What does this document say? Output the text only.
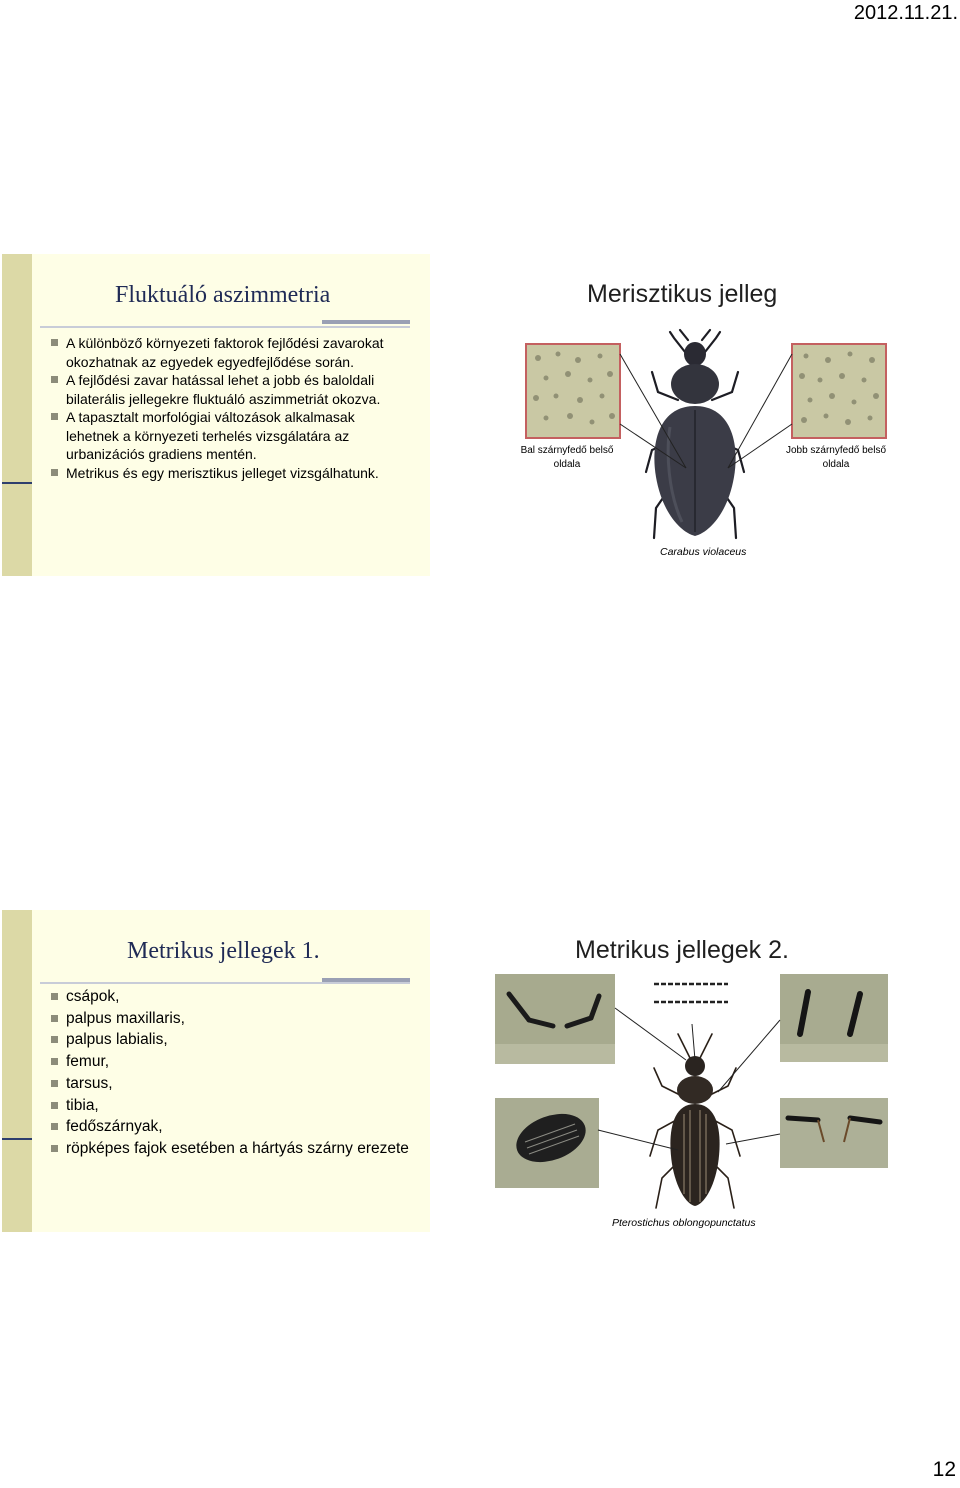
2012.11.21.
Fluktuáló aszimmetria
A különböző környezeti faktorok fejlődési zavarokat okozhatnak az egyedek egyedfejlődése során.
A fejlődési zavar hatással lehet a jobb és baloldali bilaterális jellegekre fluktuáló aszimmetriát okozva.
A tapasztalt morfológiai változások alkalmasak lehetnek a környezeti terhelés vizsgálatára az urbanizációs gradiens mentén.
Metrikus és egy merisztikus jelleget vizsgálhatunk.
Merisztikus jelleg
Bal szárnyfedő belső oldala
Jobb szárnyfedő belső oldala
Carabus violaceus
Metrikus jellegek 1.
csápok,
palpus maxillaris,
palpus labialis,
femur,
tarsus,
tibia,
fedőszárnyak,
röpképes fajok esetében a hártyás szárny erezete
Metrikus jellegek 2.
Pterostichus oblongopunctatus
12
